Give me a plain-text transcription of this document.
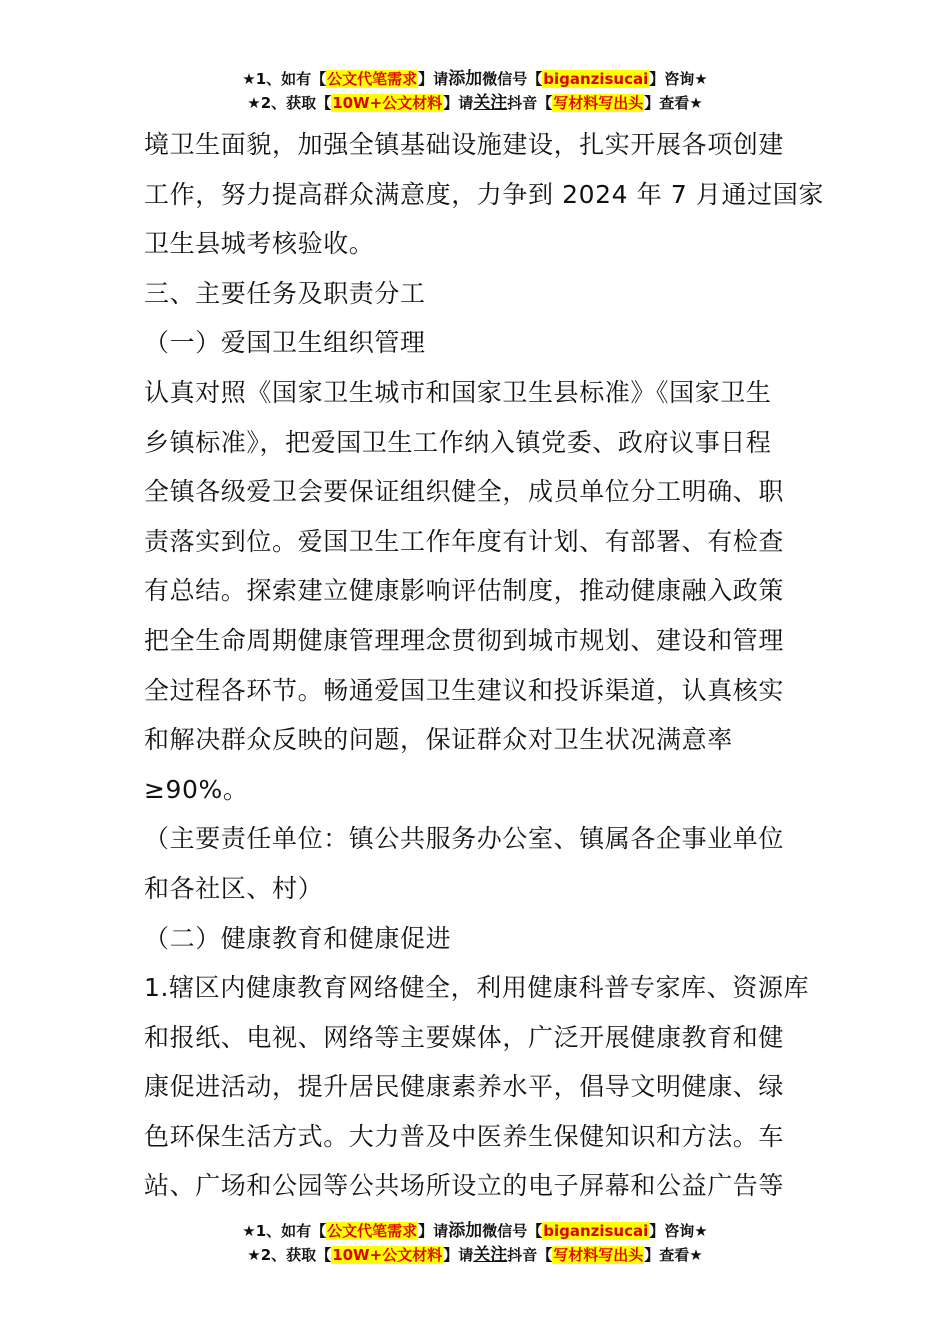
★1、如有【公文代笔需求】请添加微信号【biganzisucai】咨询★
★2、获取【10W+公文材料】请关注抖音【写材料写出头】查看★

境卫生面貌，加强全镇基础设施建设，扎实开展各项创建

工作，努力提高群众满意度，力争到 2024 年 7 月通过国家

卫生县城考核验收。

三、主要任务及职责分工

（一）爱国卫生组织管理

认真对照《国家卫生城市和国家卫生县标准》《国家卫生

乡镇标准》，把爱国卫生工作纳入镇党委、政府议事日程

全镇各级爱卫会要保证组织健全，成员单位分工明确、职

责落实到位。爱国卫生工作年度有计划、有部署、有检查

有总结。探索建立健康影响评估制度，推动健康融入政策

把全生命周期健康管理理念贯彻到城市规划、建设和管理

全过程各环节。畅通爱国卫生建议和投诉渠道，认真核实

和解决群众反映的问题，保证群众对卫生状况满意率

≥90%。

（主要责任单位：镇公共服务办公室、镇属各企事业单位

和各社区、村）

（二）健康教育和健康促进

1.辖区内健康教育网络健全，利用健康科普专家库、资源库

和报纸、电视、网络等主要媒体，广泛开展健康教育和健

康促进活动，提升居民健康素养水平，倡导文明健康、绿

色环保生活方式。大力普及中医养生保健知识和方法。车

站、广场和公园等公共场所设立的电子屏幕和公益广告等

★1、如有【公文代笔需求】请添加微信号【biganzisucai】咨询★
★2、获取【10W+公文材料】请关注抖音【写材料写出头】查看★
